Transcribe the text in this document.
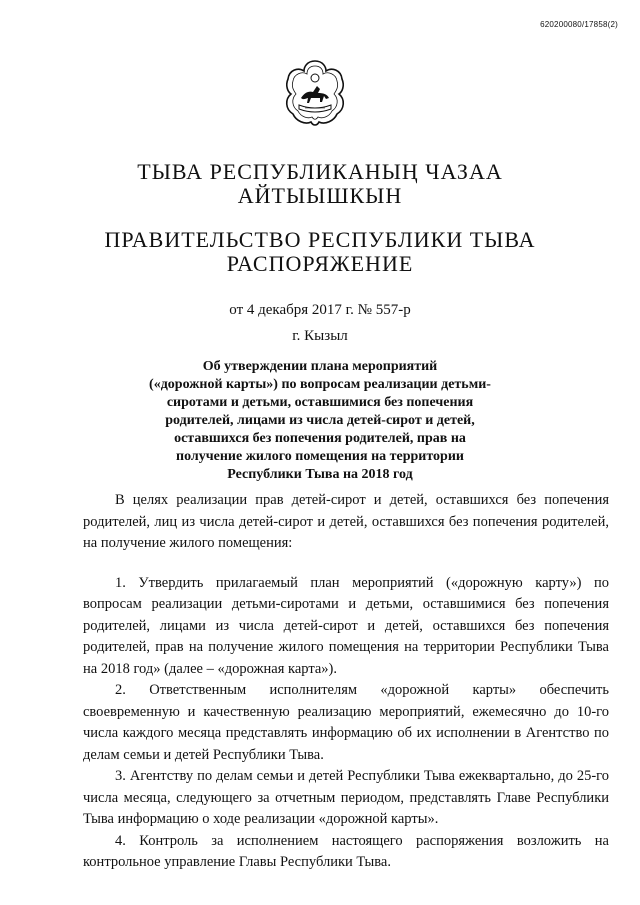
620200080/17858(2)
ТЫВА РЕСПУБЛИКАНЫҢ ЧАЗАА
АЙТЫЫШКЫН
ПРАВИТЕЛЬСТВО РЕСПУБЛИКИ ТЫВА
РАСПОРЯЖЕНИЕ
от 4 декабря 2017 г. № 557-р
г. Кызыл
Об утверждении плана мероприятий
(«дорожной карты») по вопросам реализации детьми-
сиротами и детьми, оставшимися без попечения
родителей, лицами из числа детей-сирот и детей,
оставшихся без попечения родителей, прав на
получение жилого помещения на территории
Республики Тыва на 2018 год

В целях реализации прав детей-сирот и детей, оставшихся без попечения родителей, лиц из числа детей-сирот и детей, оставшихся без попечения родителей, на получение жилого помещения:

1. Утвердить прилагаемый план мероприятий («дорожную карту») по вопросам реализации детьми-сиротами и детьми, оставшимися без попечения родителей, лицами из числа детей-сирот и детей, оставшихся без попечения родителей, прав на получение жилого помещения на территории Республики Тыва на 2018 год» (далее – «дорожная карта»).

2. Ответственным исполнителям «дорожной карты» обеспечить своевременную и качественную реализацию мероприятий, ежемесячно до 10-го числа каждого месяца представлять информацию об их исполнении в Агентство по делам семьи и детей Республики Тыва.

3. Агентству по делам семьи и детей Республики Тыва ежеквартально, до 25-го числа месяца, следующего за отчетным периодом, представлять Главе Республики Тыва информацию о ходе реализации «дорожной карты».

4. Контроль за исполнением настоящего распоряжения возложить на контрольное управление Главы Республики Тыва.
